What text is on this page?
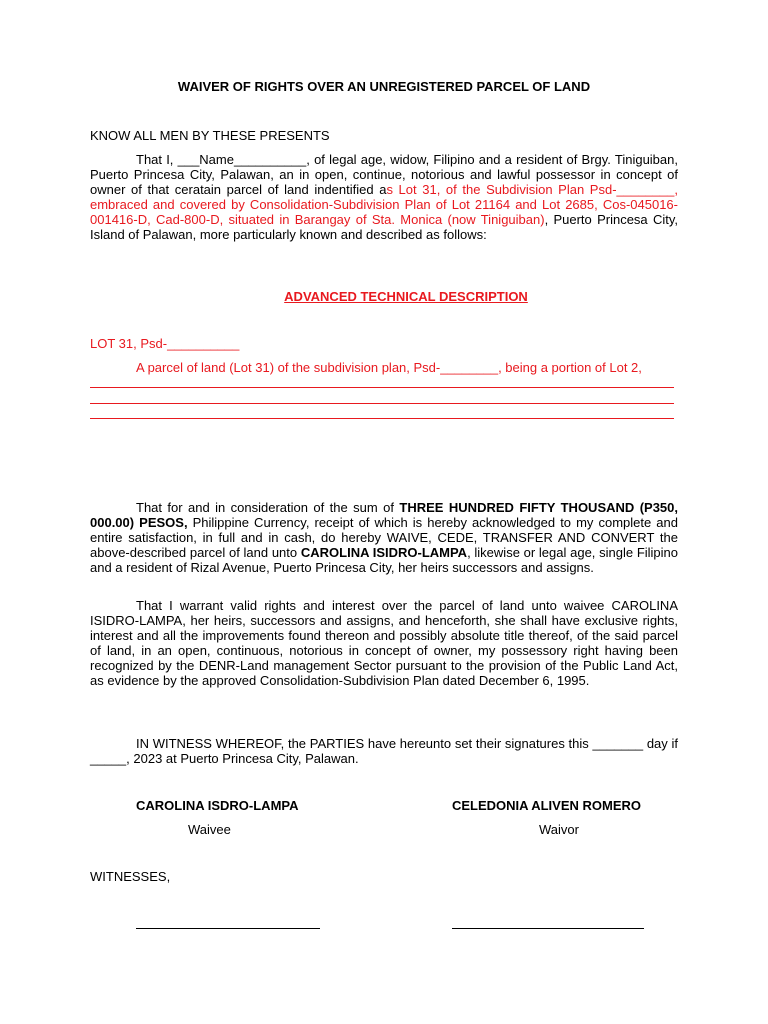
WAIVER OF RIGHTS OVER AN UNREGISTERED PARCEL OF LAND
KNOW ALL MEN BY THESE PRESENTS
That I, ___Name__________, of legal age, widow, Filipino and a resident of Brgy. Tiniguiban, Puerto Princesa City, Palawan, an in open, continue, notorious and lawful possessor in concept of owner of that ceratain parcel of land indentified as Lot 31, of the Subdivision Plan Psd-________, embraced and covered by Consolidation-Subdivision Plan of Lot 21164 and Lot 2685, Cos-045016-001416-D, Cad-800-D, situated in Barangay of Sta. Monica (now Tiniguiban), Puerto Princesa City, Island of Palawan, more particularly known and described as follows:
ADVANCED TECHNICAL DESCRIPTION
LOT 31, Psd-__________
A parcel of land (Lot 31) of the subdivision plan, Psd-________, being a portion of Lot 2,
That for and in consideration of the sum of THREE HUNDRED FIFTY THOUSAND (P350, 000.00) PESOS, Philippine Currency, receipt of which is hereby acknowledged to my complete and entire satisfaction, in full and in cash, do hereby WAIVE, CEDE, TRANSFER AND CONVERT the above-described parcel of land unto CAROLINA ISIDRO-LAMPA, likewise or legal age, single Filipino and a resident of Rizal Avenue, Puerto Princesa City, her heirs successors and assigns.
That I warrant valid rights and interest over the parcel of land unto waivee CAROLINA ISIDRO-LAMPA, her heirs, successors and assigns, and henceforth, she shall have exclusive rights, interest and all the improvements found thereon and possibly absolute title thereof, of the said parcel of land, in an open, continuous, notorious in concept of owner, my possessory right having been recognized by the DENR-Land management Sector pursuant to the provision of the Public Land Act, as evidence by the approved Consolidation-Subdivision Plan dated December 6, 1995.
IN WITNESS WHEREOF, the PARTIES have hereunto set their signatures this _______ day if _____, 2023 at Puerto Princesa City, Palawan.
CAROLINA ISDRO-LAMPA
Waivee
CELEDONIA ALIVEN ROMERO
Waivor
WITNESSES,
